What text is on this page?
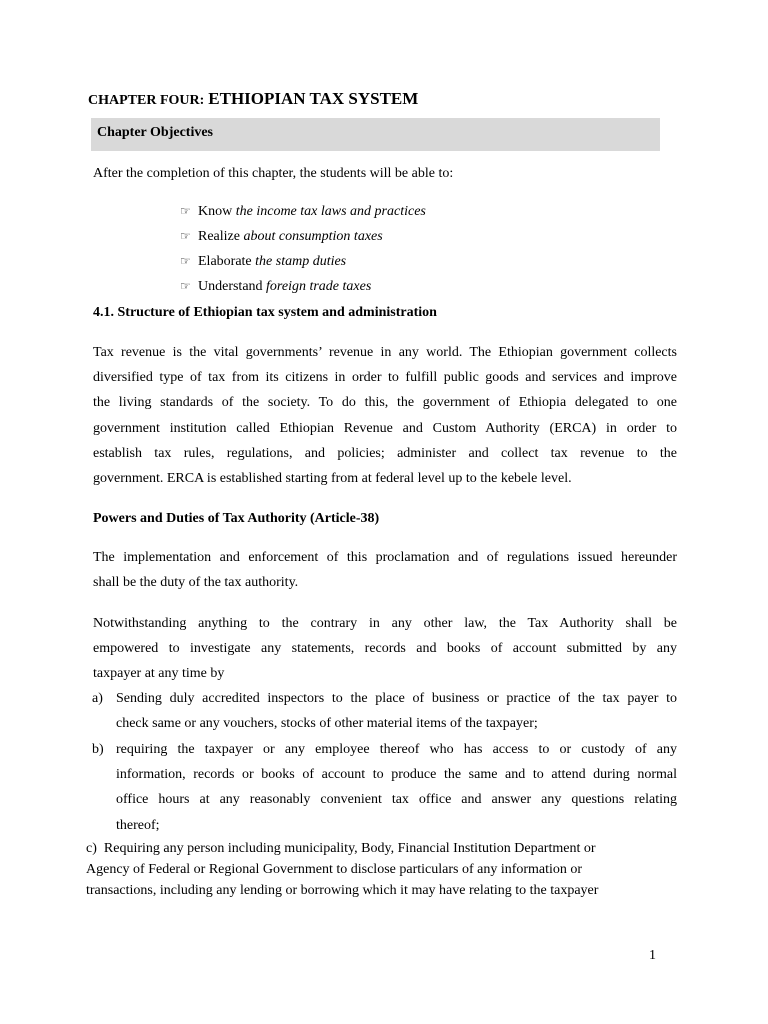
CHAPTER FOUR: ETHIOPIAN TAX SYSTEM
Chapter Objectives
After the completion of this chapter, the students will be able to:
☞ Know the income tax laws and practices
☞ Realize about consumption taxes
☞ Elaborate the stamp duties
☞ Understand foreign trade taxes
4.1. Structure of Ethiopian tax system and administration
Tax revenue is the vital governments’ revenue in any world. The Ethiopian government collects
diversified type of tax from its citizens in order to fulfill public goods and services and improve
the living standards of the society. To do this, the government of Ethiopia delegated to one
government institution called Ethiopian Revenue and Custom Authority (ERCA) in order to
establish tax rules, regulations, and policies; administer and collect tax revenue to the
government. ERCA is established starting from at federal level up to the kebele level.
Powers and Duties of Tax Authority (Article-38)
The implementation and enforcement of this proclamation and of regulations issued hereunder
shall be the duty of the tax authority.
Notwithstanding anything to the contrary in any other law, the Tax Authority shall be
empowered to investigate any statements, records and books of account submitted by any
taxpayer at any time by
a) Sending duly accredited inspectors to the place of business or practice of the tax payer to
check same or any vouchers, stocks of other material items of the taxpayer;
b) requiring the taxpayer or any employee thereof who has access to or custody of any
information, records or books of account to produce the same and to attend during normal
office hours at any reasonably convenient tax office and answer any questions relating
thereof;
c) Requiring any person including municipality, Body, Financial Institution Department or
Agency of Federal or Regional Government to disclose particulars of any information or
transactions, including any lending or borrowing which it may have relating to the taxpayer
1
